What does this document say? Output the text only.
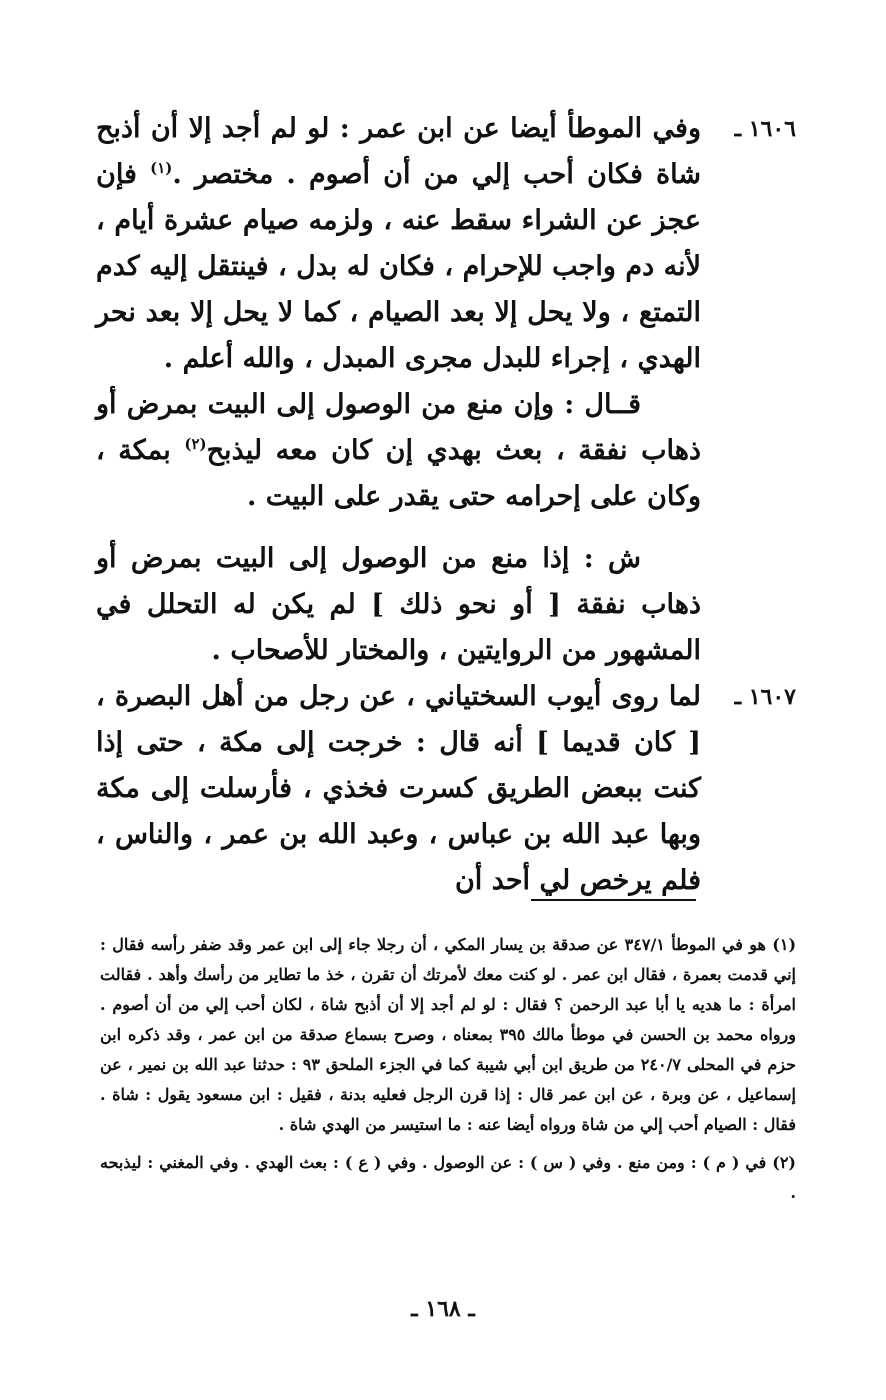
١٦٠٦ ـ
وفي الموطأ أيضا عن ابن عمر : لو لم أجد إلا أن أذبح شاة فكان أحب إلي من أن أصوم . مختصر .$^{(١)}$ فإن عجز عن الشراء سقط عنه ، ولزمه صيام عشرة أيام ، لأنه دم واجب للإحرام ، فكان له بدل ، فينتقل إليه كدم التمتع ، ولا يحل إلا بعد الصيام ، كما لا يحل إلا بعد نحر الهدي ، إجراء للبدل مجرى المبدل ، والله أعلم .

قــال : وإن منع من الوصول إلى البيت بمرض أو ذهاب نفقة ، بعث بهدي إن كان معه ليذبح$^{(٢)}$ بمكة ، وكان على إحرامه حتى يقدر على البيت .

ش : إذا منع من الوصول إلى البيت بمرض أو ذهاب نفقة [ أو نحو ذلك ] لم يكن له التحلل في المشهور من الروايتين ، والمختار للأصحاب .

١٦٠٧ ـ
لما روى أيوب السختياني ، عن رجل من أهل البصرة ، [ كان قديما ] أنه قال : خرجت إلى مكة ، حتى إذا كنت ببعض الطريق كسرت فخذي ، فأرسلت إلى مكة وبها عبد الله بن عباس ، وعبد الله بن عمر ، والناس ، فلم يرخص لي أحد أن

(١) هو في الموطأ ٣٤٧/١ عن صدقة بن يسار المكي ، أن رجلا جاء إلى ابن عمر وقد ضفر رأسه فقال : إني قدمت بعمرة ، فقال ابن عمر . لو كنت معك لأمرتك أن تقرن ، خذ ما تطاير من رأسك وأهد . فقالت امرأة : ما هديه يا أبا عبد الرحمن ؟ فقال : لو لم أجد إلا أن أذبح شاة ، لكان أحب إلي من أن أصوم . ورواه محمد بن الحسن في موطأ مالك ٣٩٥ بمعناه ، وصرح بسماع صدقة من ابن عمر ، وقد ذكره ابن حزم في المحلى ٢٤٠/٧ من طريق ابن أبي شيبة كما في الجزء الملحق ٩٣ : حدثنا عبد الله بن نمير ، عن إسماعيل ، عن وبرة ، عن ابن عمر قال : إذا قرن الرجل فعليه بدنة ، فقيل : ابن مسعود يقول : شاة . فقال : الصيام أحب إلي من شاة ورواه أيضا عنه : ما استيسر من الهدي شاة .

(٢) في ( م ) : ومن منع . وفي ( س ) : عن الوصول . وفي ( ع ) : بعث الهدي . وفي المغني : ليذبحه .

ـ ١٦٨ ـ
